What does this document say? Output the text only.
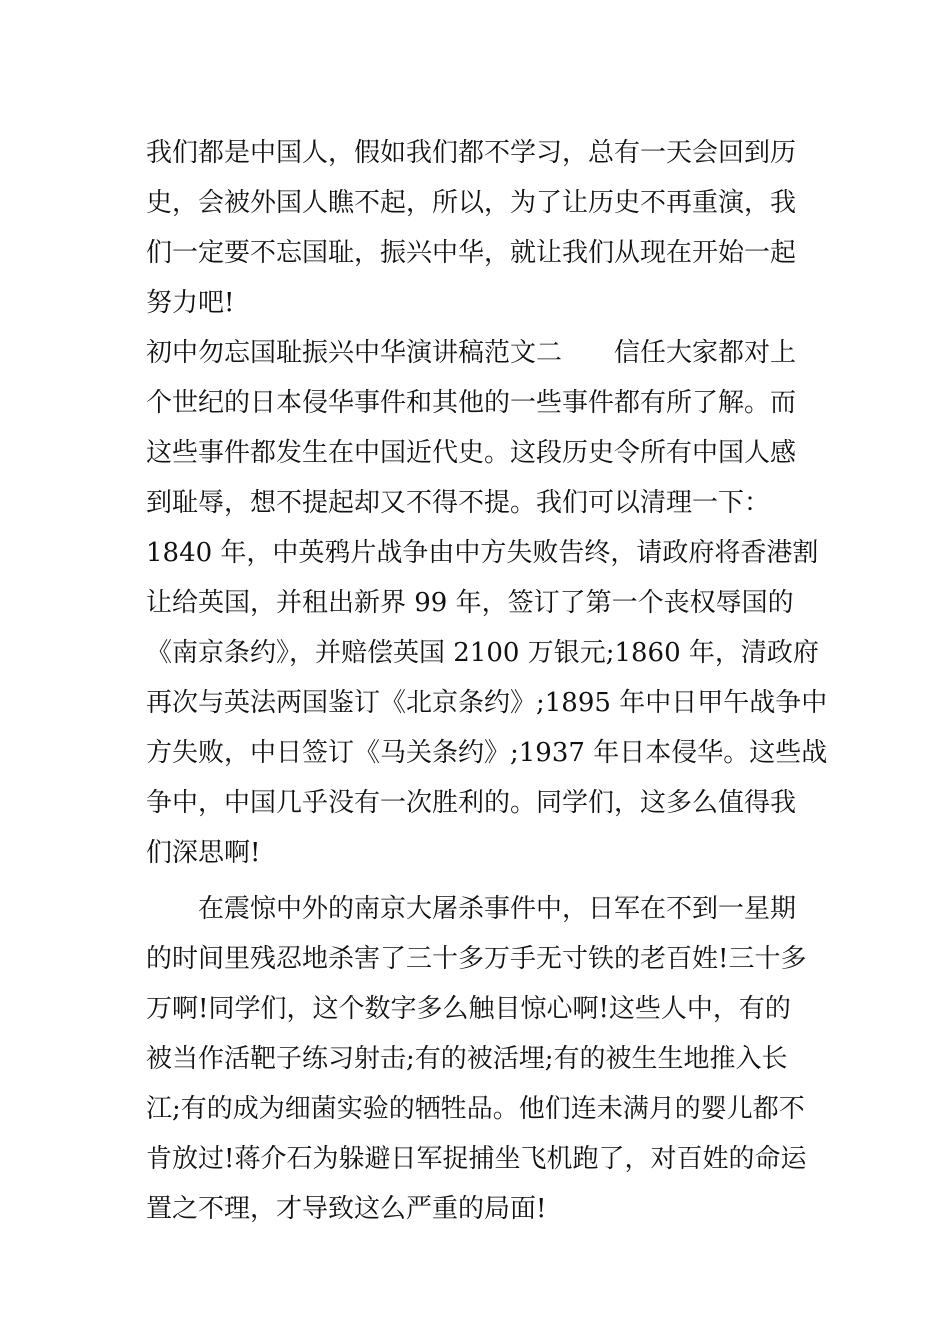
我们都是中国人，假如我们都不学习，总有一天会回到历
史，会被外国人瞧不起，所以，为了让历史不再重演，我
们一定要不忘国耻，振兴中华，就让我们从现在开始一起
努力吧!
初中勿忘国耻振兴中华演讲稿范文二　　信任大家都对上
个世纪的日本侵华事件和其他的一些事件都有所了解。而
这些事件都发生在中国近代史。这段历史令所有中国人感
到耻辱，想不提起却又不得不提。我们可以清理一下：
1840 年，中英鸦片战争由中方失败告终，请政府将香港割
让给英国，并租出新界 99 年，签订了第一个丧权辱国的
《南京条约》，并赔偿英国 2100 万银元;1860 年，清政府
再次与英法两国鉴订《北京条约》;1895 年中日甲午战争中
方失败，中日签订《马关条约》;1937 年日本侵华。这些战
争中，中国几乎没有一次胜利的。同学们，这多么值得我
们深思啊!
　　在震惊中外的南京大屠杀事件中，日军在不到一星期
的时间里残忍地杀害了三十多万手无寸铁的老百姓!三十多
万啊!同学们，这个数字多么触目惊心啊!这些人中，有的
被当作活靶子练习射击;有的被活埋;有的被生生地推入长
江;有的成为细菌实验的牺牲品。他们连未满月的婴儿都不
肯放过!蒋介石为躲避日军捉捕坐飞机跑了，对百姓的命运
置之不理，才导致这么严重的局面!
